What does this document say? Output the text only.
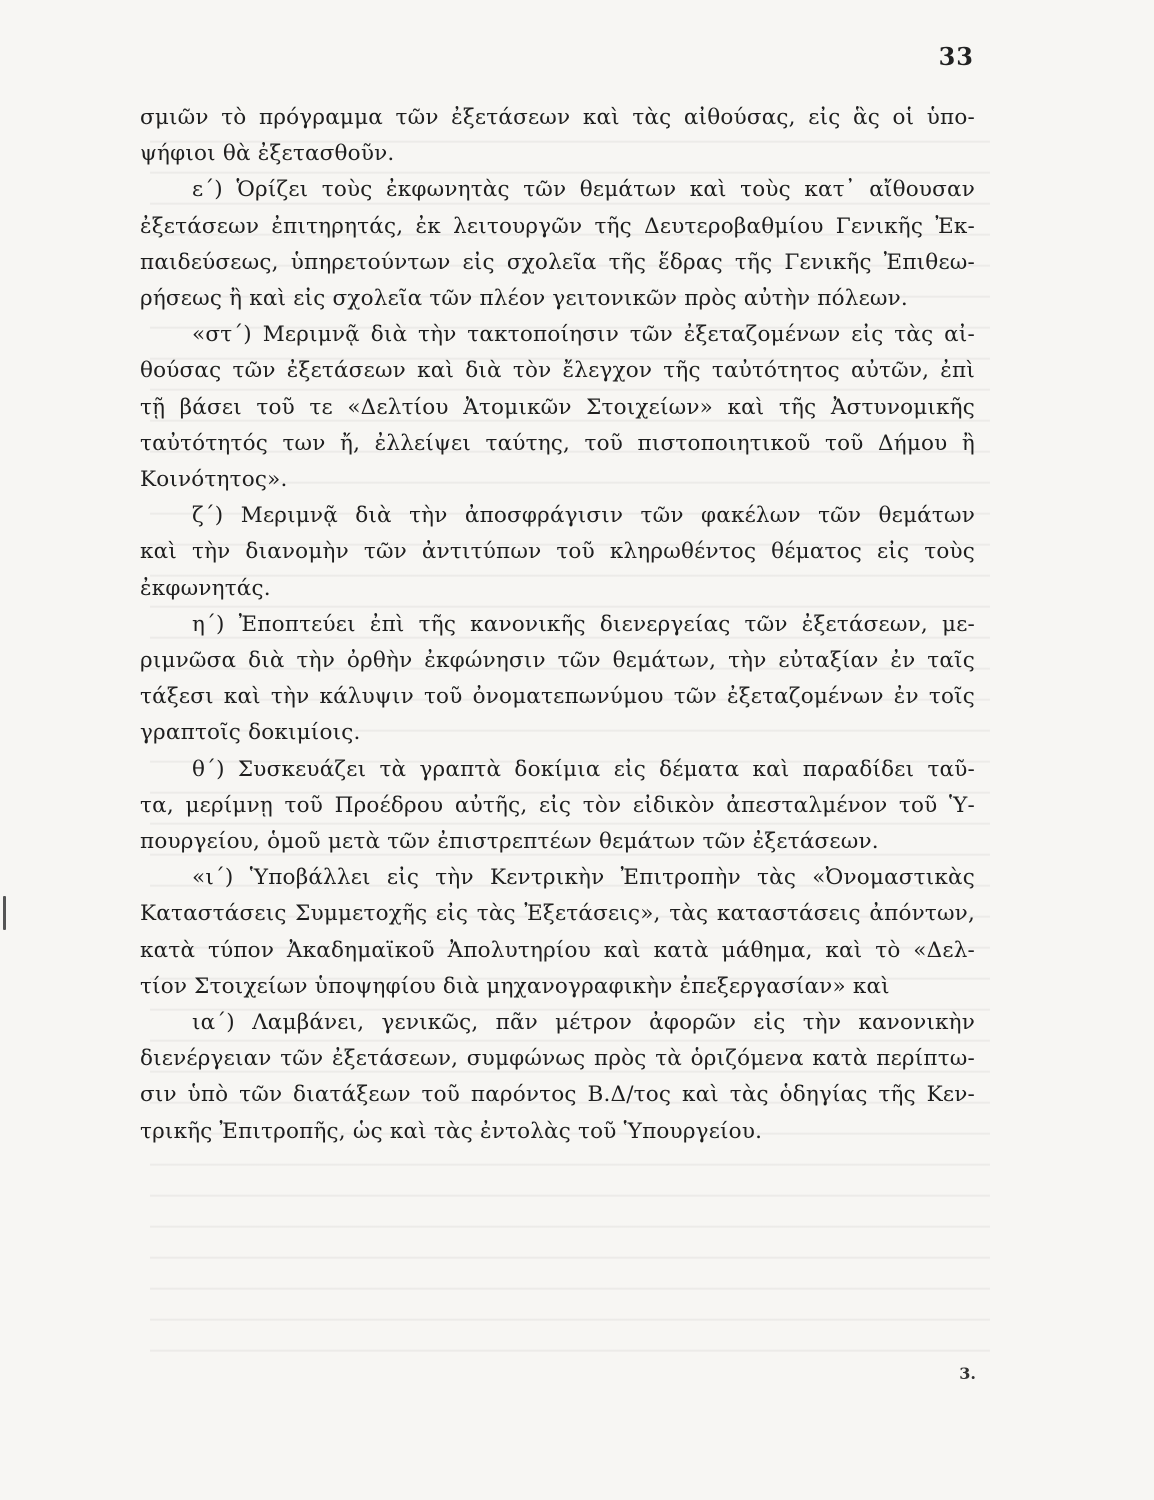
33
σμιῶν τὸ πρόγραμμα τῶν ἐξετάσεων καὶ τὰς αἰθούσας, εἰς ἃς οἱ ὑπο-
ψήφιοι θὰ ἐξετασθοῦν.
ε΄) Ὁρίζει τοὺς ἐκφωνητὰς τῶν θεμάτων καὶ τοὺς κατ᾿ αἴθουσαν
ἐξετάσεων ἐπιτηρητάς, ἐκ λειτουργῶν τῆς Δευτεροβαθμίου Γενικῆς Ἐκ-
παιδεύσεως, ὑπηρετούντων εἰς σχολεῖα τῆς ἕδρας τῆς Γενικῆς Ἐπιθεω-
ρήσεως ἢ καὶ εἰς σχολεῖα τῶν πλέον γειτονικῶν πρὸς αὐτὴν πόλεων.
«στ΄) Μεριμνᾷ διὰ τὴν τακτοποίησιν τῶν ἐξεταζομένων εἰς τὰς αἰ-
θούσας τῶν ἐξετάσεων καὶ διὰ τὸν ἔλεγχον τῆς ταὐτότητος αὐτῶν, ἐπὶ
τῇ βάσει τοῦ τε «Δελτίου Ἀτομικῶν Στοιχείων» καὶ τῆς Ἀστυνομικῆς
ταὐτότητός των ἤ, ἐλλείψει ταύτης, τοῦ πιστοποιητικοῦ τοῦ Δήμου ἢ
Κοινότητος».
ζ΄) Μεριμνᾷ διὰ τὴν ἀποσφράγισιν τῶν φακέλων τῶν θεμάτων
καὶ τὴν διανομὴν τῶν ἀντιτύπων τοῦ κληρωθέντος θέματος εἰς τοὺς
ἐκφωνητάς.
η΄) Ἐποπτεύει ἐπὶ τῆς κανονικῆς διενεργείας τῶν ἐξετάσεων, με-
ριμνῶσα διὰ τὴν ὀρθὴν ἐκφώνησιν τῶν θεμάτων, τὴν εὐταξίαν ἐν ταῖς
τάξεσι καὶ τὴν κάλυψιν τοῦ ὀνοματεπωνύμου τῶν ἐξεταζομένων ἐν τοῖς
γραπτοῖς δοκιμίοις.
θ΄) Συσκευάζει τὰ γραπτὰ δοκίμια εἰς δέματα καὶ παραδίδει ταῦ-
τα, μερίμνῃ τοῦ Προέδρου αὐτῆς, εἰς τὸν εἰδικὸν ἀπεσταλμένον τοῦ Ὑ-
πουργείου, ὁμοῦ μετὰ τῶν ἐπιστρεπτέων θεμάτων τῶν ἐξετάσεων.
«ι΄) Ὑποβάλλει εἰς τὴν Κεντρικὴν Ἐπιτροπὴν τὰς «Ὀνομαστικὰς
Καταστάσεις Συμμετοχῆς εἰς τὰς Ἐξετάσεις», τὰς καταστάσεις ἀπόντων,
κατὰ τύπον Ἀκαδημαϊκοῦ Ἀπολυτηρίου καὶ κατὰ μάθημα, καὶ τὸ «Δελ-
τίον Στοιχείων ὑποψηφίου διὰ μηχανογραφικὴν ἐπεξεργασίαν» καὶ
ια΄) Λαμβάνει, γενικῶς, πᾶν μέτρον ἀφορῶν εἰς τὴν κανονικὴν
διενέργειαν τῶν ἐξετάσεων, συμφώνως πρὸς τὰ ὁριζόμενα κατὰ περίπτω-
σιν ὑπὸ τῶν διατάξεων τοῦ παρόντος Β.Δ/τος καὶ τὰς ὁδηγίας τῆς Κεν-
τρικῆς Ἐπιτροπῆς, ὡς καὶ τὰς ἐντολὰς τοῦ Ὑπουργείου.
3.
